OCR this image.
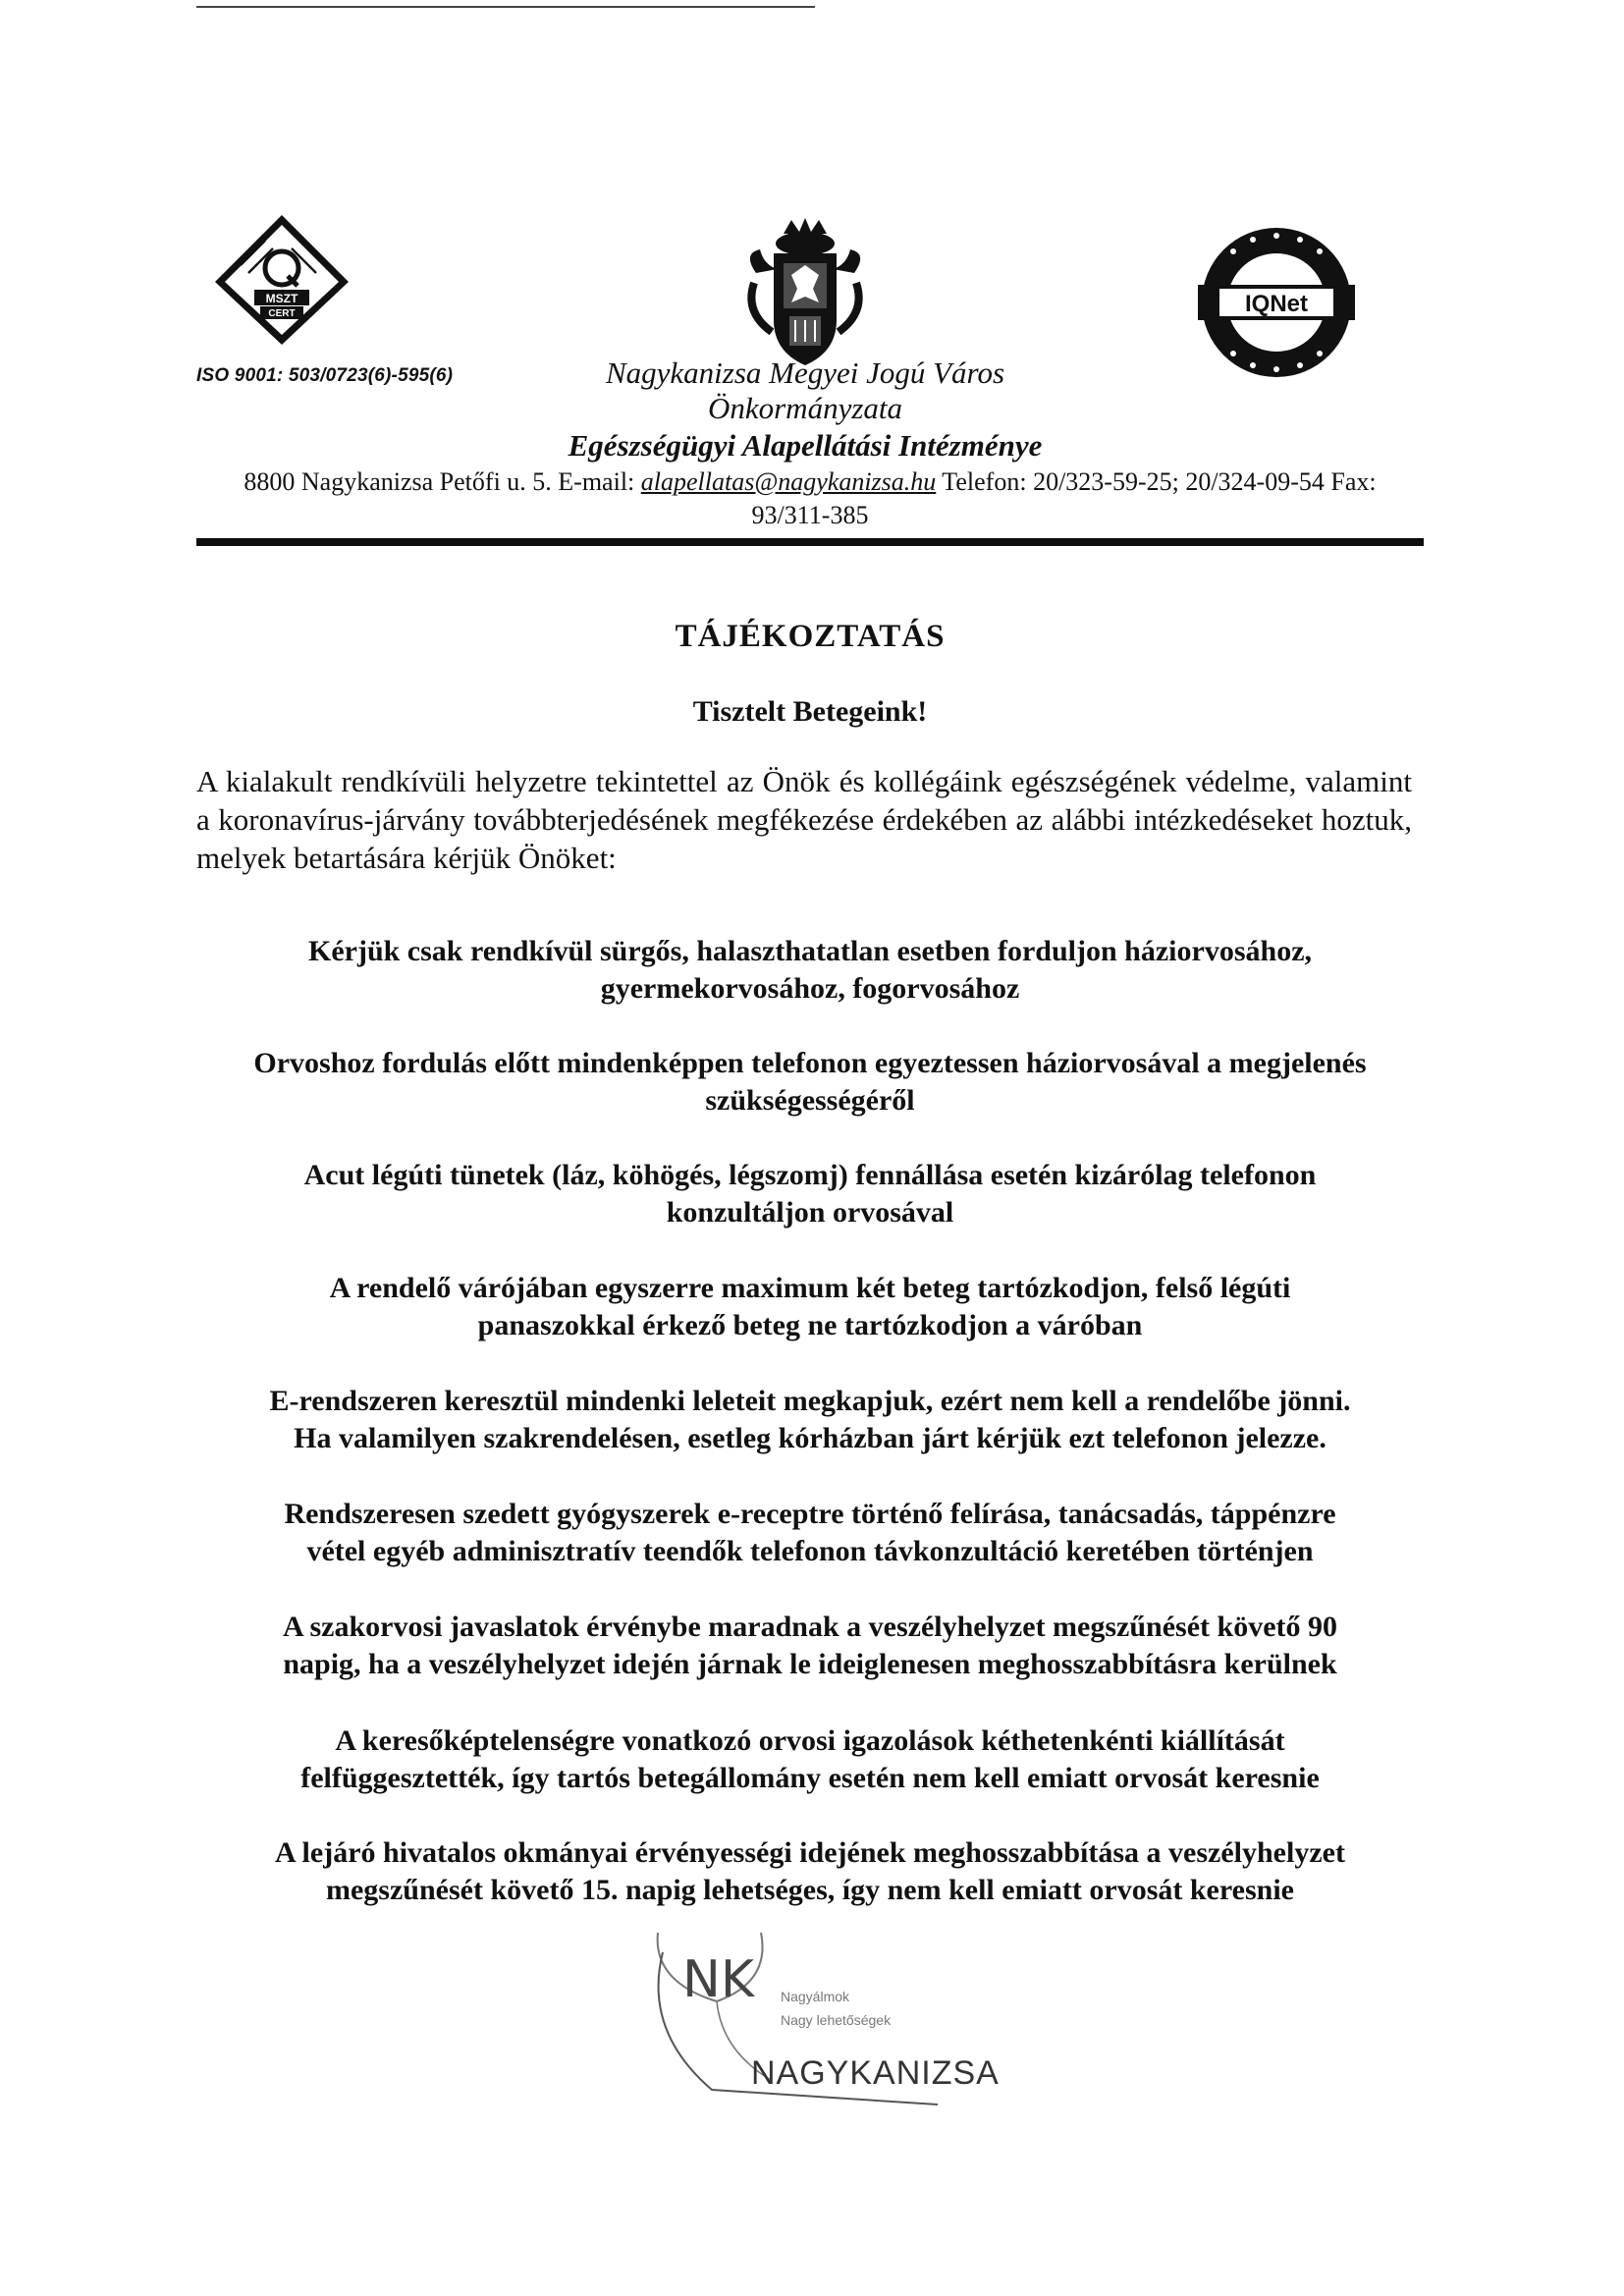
MSZT
CERT	IQNet
ISO 9001: 503/0723(6)-595(6)	Nagykanizsa Megyei Jogú Város
Önkormányzata
Egészségügyi Alapellátási Intézménye
8800 Nagykanizsa Petőfi u. 5. E-mail: alapellatas@nagykanizsa.hu Telefon: 20/323-59-25; 20/324-09-54 Fax:
93/311-385
TÁJÉKOZTATÁS
Tisztelt Betegeink!
A kialakult rendkívüli helyzetre tekintettel az Önök és kollégáink egészségének védelme, valamint a koronavírus-járvány továbbterjedésének megfékezése érdekében az alábbi intézkedéseket hoztuk, melyek betartására kérjük Önöket:
Kérjük csak rendkívül sürgős, halaszthatatlan esetben forduljon háziorvosához,
gyermekorvosához, fogorvosához
Orvoshoz fordulás előtt mindenképpen telefonon egyeztessen háziorvosával a megjelenés
szükségességéről
Acut légúti tünetek (láz, köhögés, légszomj) fennállása esetén kizárólag telefonon
konzultáljon orvosával
A rendelő várójában egyszerre maximum két beteg tartózkodjon, felső légúti
panaszokkal érkező beteg ne tartózkodjon a váróban
E-rendszeren keresztül mindenki leleteit megkapjuk, ezért nem kell a rendelőbe jönni.
Ha valamilyen szakrendelésen, esetleg kórházban járt kérjük ezt telefonon jelezze.
Rendszeresen szedett gyógyszerek e-receptre történő felírása, tanácsadás, táppénzre
vétel egyéb adminisztratív teendők telefonon távkonzultáció keretében történjen
A szakorvosi javaslatok érvénybe maradnak a veszélyhelyzet megszűnését követő 90
napig, ha a veszélyhelyzet idején járnak le ideiglenesen meghosszabbításra kerülnek
A keresőképtelenségre vonatkozó orvosi igazolások kéthetenkénti kiállítását
felfüggesztették, így tartós betegállomány esetén nem kell emiatt orvosát keresnie
A lejáró hivatalos okmányai érvényességi idejének meghosszabbítása a veszélyhelyzet
megszűnését követő 15. napig lehetséges, így nem kell emiatt orvosát keresnie
NK Nagyálmok
Nagy lehetőségek
NAGYKANIZSA
